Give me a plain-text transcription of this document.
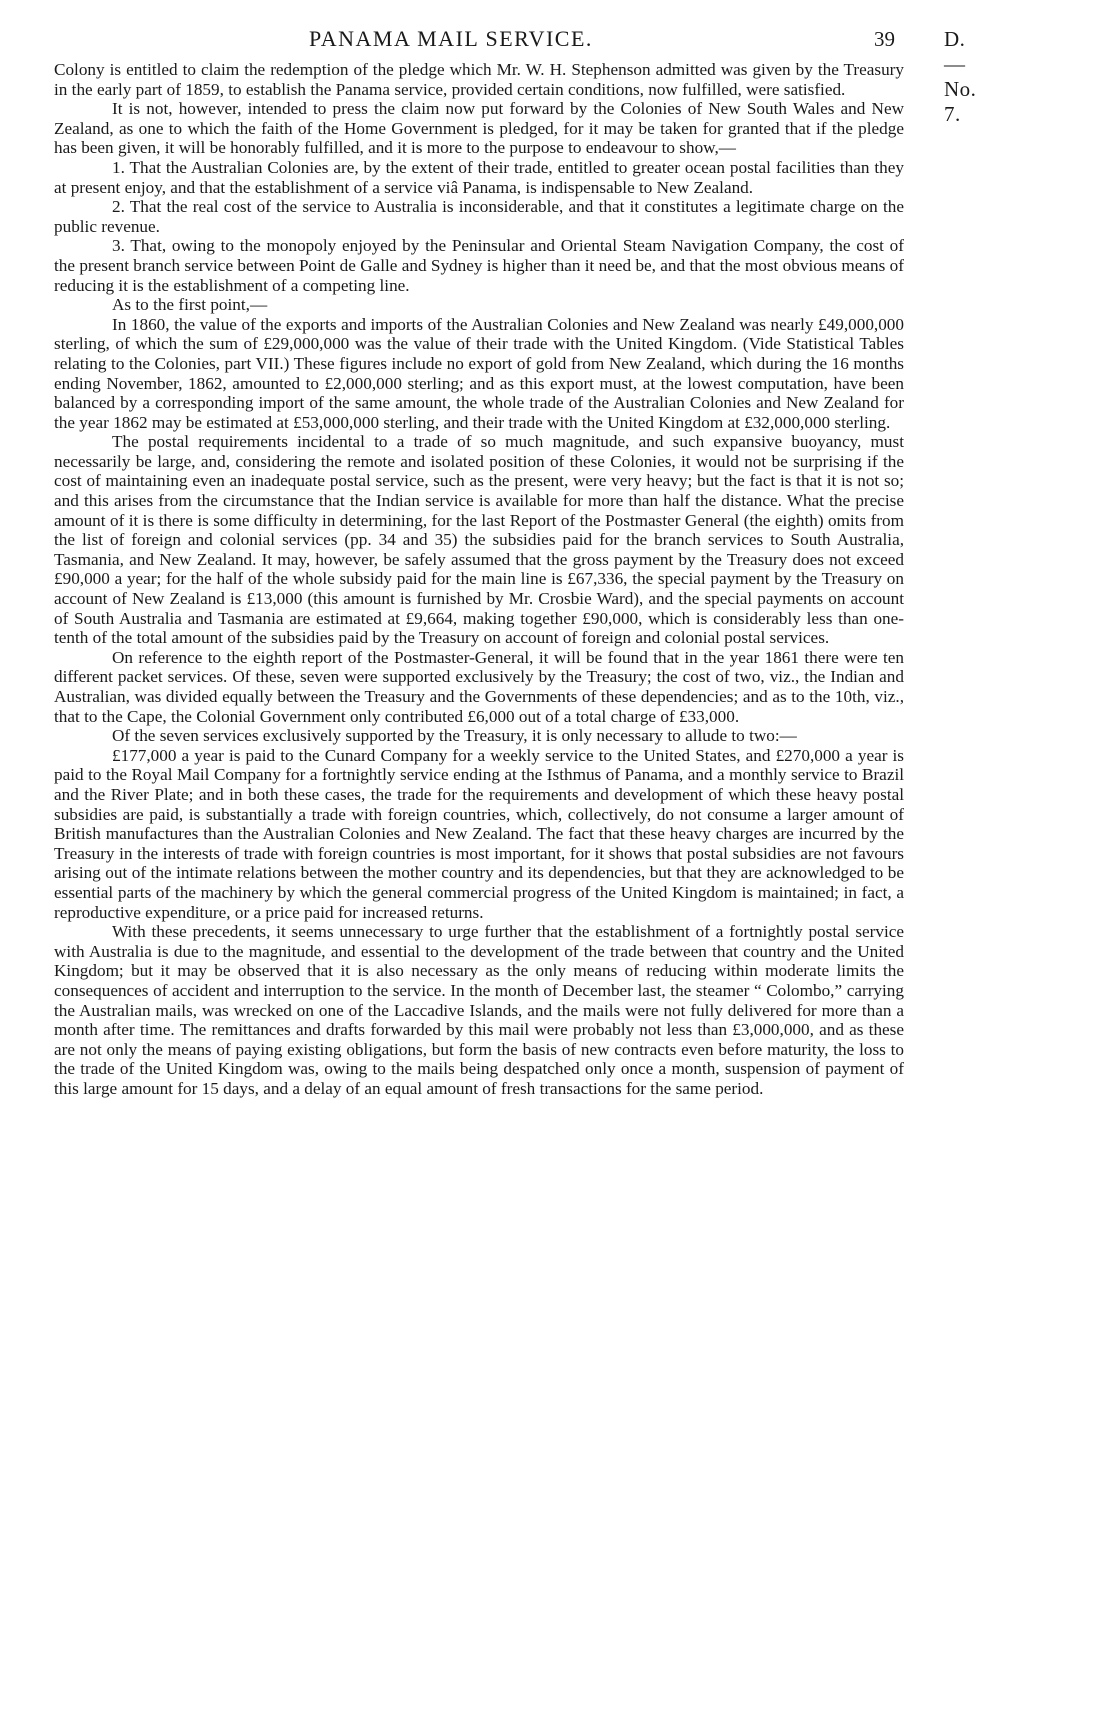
PANAMA MAIL SERVICE.	39 D.—No. 7.

Colony is entitled to claim the redemption of the pledge which Mr. W. H. Stephenson admitted was given by the Treasury in the early part of 1859, to establish the Panama service, provided certain conditions, now fulfilled, were satisfied.

It is not, however, intended to press the claim now put forward by the Colonies of New South Wales and New Zealand, as one to which the faith of the Home Government is pledged, for it may be taken for granted that if the pledge has been given, it will be honorably fulfilled, and it is more to the purpose to endeavour to show,—

1. That the Australian Colonies are, by the extent of their trade, entitled to greater ocean postal facilities than they at present enjoy, and that the establishment of a service viâ Panama, is indispensable to New Zealand.

2. That the real cost of the service to Australia is inconsiderable, and that it constitutes a legitimate charge on the public revenue.

3. That, owing to the monopoly enjoyed by the Peninsular and Oriental Steam Navigation Company, the cost of the present branch service between Point de Galle and Sydney is higher than it need be, and that the most obvious means of reducing it is the establishment of a competing line.

As to the first point,—

In 1860, the value of the exports and imports of the Australian Colonies and New Zealand was nearly £49,000,000 sterling, of which the sum of £29,000,000 was the value of their trade with the United Kingdom. (Vide Statistical Tables relating to the Colonies, part VII.) These figures include no export of gold from New Zealand, which during the 16 months ending November, 1862, amounted to £2,000,000 sterling; and as this export must, at the lowest computation, have been balanced by a corresponding import of the same amount, the whole trade of the Australian Colonies and New Zealand for the year 1862 may be estimated at £53,000,000 sterling, and their trade with the United Kingdom at £32,000,000 sterling.

The postal requirements incidental to a trade of so much magnitude, and such expansive buoyancy, must necessarily be large, and, considering the remote and isolated position of these Colonies, it would not be surprising if the cost of maintaining even an inadequate postal service, such as the present, were very heavy; but the fact is that it is not so; and this arises from the circumstance that the Indian service is available for more than half the distance. What the precise amount of it is there is some difficulty in determining, for the last Report of the Postmaster General (the eighth) omits from the list of foreign and colonial services (pp. 34 and 35) the subsidies paid for the branch services to South Australia, Tasmania, and New Zealand. It may, however, be safely assumed that the gross payment by the Treasury does not exceed £90,000 a year; for the half of the whole subsidy paid for the main line is £67,336, the special payment by the Treasury on account of New Zealand is £13,000 (this amount is furnished by Mr. Crosbie Ward), and the special payments on account of South Australia and Tasmania are estimated at £9,664, making together £90,000, which is considerably less than one-tenth of the total amount of the subsidies paid by the Treasury on account of foreign and colonial postal services.

On reference to the eighth report of the Postmaster-General, it will be found that in the year 1861 there were ten different packet services. Of these, seven were supported exclusively by the Treasury; the cost of two, viz., the Indian and Australian, was divided equally between the Treasury and the Governments of these dependencies; and as to the 10th, viz., that to the Cape, the Colonial Government only contributed £6,000 out of a total charge of £33,000.

Of the seven services exclusively supported by the Treasury, it is only necessary to allude to two:—

£177,000 a year is paid to the Cunard Company for a weekly service to the United States, and £270,000 a year is paid to the Royal Mail Company for a fortnightly service ending at the Isthmus of Panama, and a monthly service to Brazil and the River Plate; and in both these cases, the trade for the requirements and development of which these heavy postal subsidies are paid, is substantially a trade with foreign countries, which, collectively, do not consume a larger amount of British manufactures than the Australian Colonies and New Zealand. The fact that these heavy charges are incurred by the Treasury in the interests of trade with foreign countries is most important, for it shows that postal subsidies are not favours arising out of the intimate relations between the mother country and its dependencies, but that they are acknowledged to be essential parts of the machinery by which the general commercial progress of the United Kingdom is maintained; in fact, a reproductive expenditure, or a price paid for increased returns.

With these precedents, it seems unnecessary to urge further that the establishment of a fortnightly postal service with Australia is due to the magnitude, and essential to the development of the trade between that country and the United Kingdom; but it may be observed that it is also necessary as the only means of reducing within moderate limits the consequences of accident and interruption to the service. In the month of December last, the steamer “ Colombo,” carrying the Australian mails, was wrecked on one of the Laccadive Islands, and the mails were not fully delivered for more than a month after time. The remittances and drafts forwarded by this mail were probably not less than £3,000,000, and as these are not only the means of paying existing obligations, but form the basis of new contracts even before maturity, the loss to the trade of the United Kingdom was, owing to the mails being despatched only once a month, suspension of payment of this large amount for 15 days, and a delay of an equal amount of fresh transactions for the same period.
